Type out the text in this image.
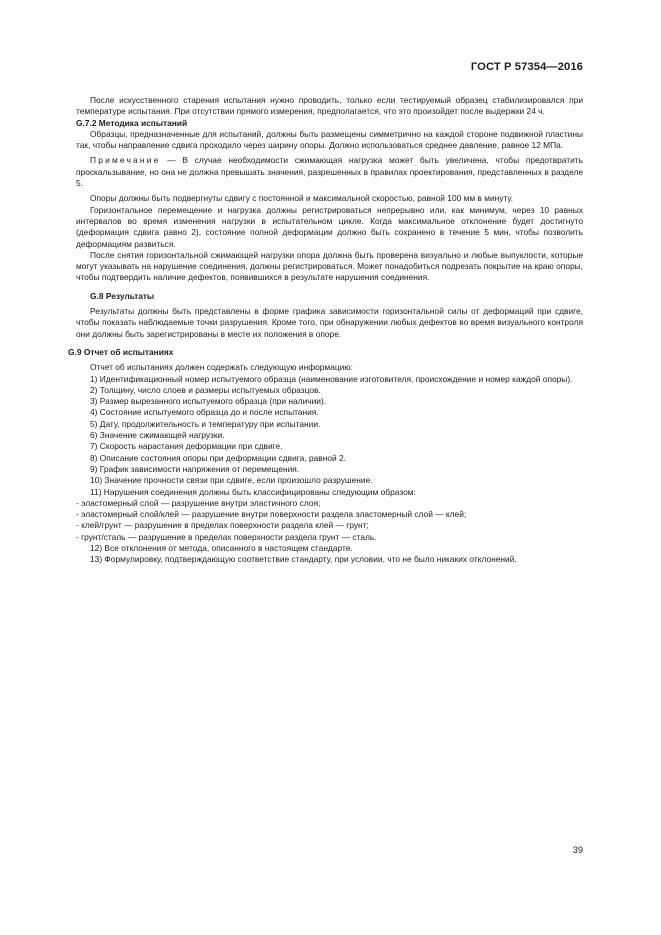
ГОСТ Р 57354—2016

После искусственного старения испытания нужно проводить, только если тестируемый образец стабилизировался при температуре испытания. При отсутствии прямого измерения, предполагается, что это произойдет после выдержки 24 ч.

G.7.2 Методика испытаний

Образцы, предназначенные для испытаний, должны быть размещены симметрично на каждой стороне подвижной пластины так, чтобы направление сдвига проходило через ширину опоры. Должно использоваться среднее давление, равное 12 МПа.

Примечание — В случае необходимости сжимающая нагрузка может быть увеличена, чтобы предотвратить проскальзывание, но она не должна превышать значения, разрешенных в правилах проектирования, представленных в разделе 5.

Опоры должны быть подвергнуты сдвигу с постоянной и максимальной скоростью, равной 100 мм в минуту.

Горизонтальное перемещение и нагрузка должны регистрироваться непрерывно или, как минимум, через 10 равных интервалов во время изменения нагрузки в испытательном цикле. Когда максимальное отклонение будет достигнуто (деформация сдвига равно 2), состояние полной деформации должно быть сохранено в течение 5 мин, чтобы позволить деформациям развиться.

После снятия горизонтальной сжимающей нагрузки опора должна быть проверена визуально и любые выпуклости, которые могут указывать на нарушение соединения, должны регистрироваться. Может понадобиться подрезать покрытие на краю опоры, чтобы подтвердить наличие дефектов, появившихся в результате нарушения соединения.

G.8 Результаты

Результаты должны быть представлены в форме графика зависимости горизонтальной силы от деформаций при сдвиге, чтобы показать наблюдаемые точки разрушения. Кроме того, при обнаружении любых дефектов во время визуального контроля они должны быть зарегистрированы в месте их положения в опоре.

G.9 Отчет об испытаниях

Отчет об испытаниях должен содержать следующую информацию:

1) Идентификационный номер испытуемого образца (наименование изготовителя, происхождение и номер каждой опоры).
2) Толщину, число слоев и размеры испытуемых образцов.
3) Размер вырезанного испытуемого образца (при наличии).
4) Состояние испытуемого образца до и после испытания.
5) Дату, продолжительность и температуру при испытании.
6) Значение сжимающей нагрузки.
7) Скорость нарастания деформации при сдвиге.
8) Описание состояния опоры при деформации сдвига, равной 2.
9) График зависимости напряжения от перемещения.
10) Значение прочности связи при сдвиге, если произошло разрушение.
11) Нарушения соединения должны быть классифицированы следующим образом:
- эластомерный слой — разрушение внутри эластичного слоя;
- эластомерный слой/клей — разрушение внутри поверхности раздела эластомерный слой — клей;
- клей/грунт — разрушение в пределах поверхности раздела клей — грунт;
- грунт/сталь — разрушение в пределах поверхности раздела грунт — сталь.
12) Все отклонения от метода, описанного в настоящем стандарте.
13) Формулировку, подтверждающую соответствие стандарту, при условии, что не было никаких отклонений.
39
